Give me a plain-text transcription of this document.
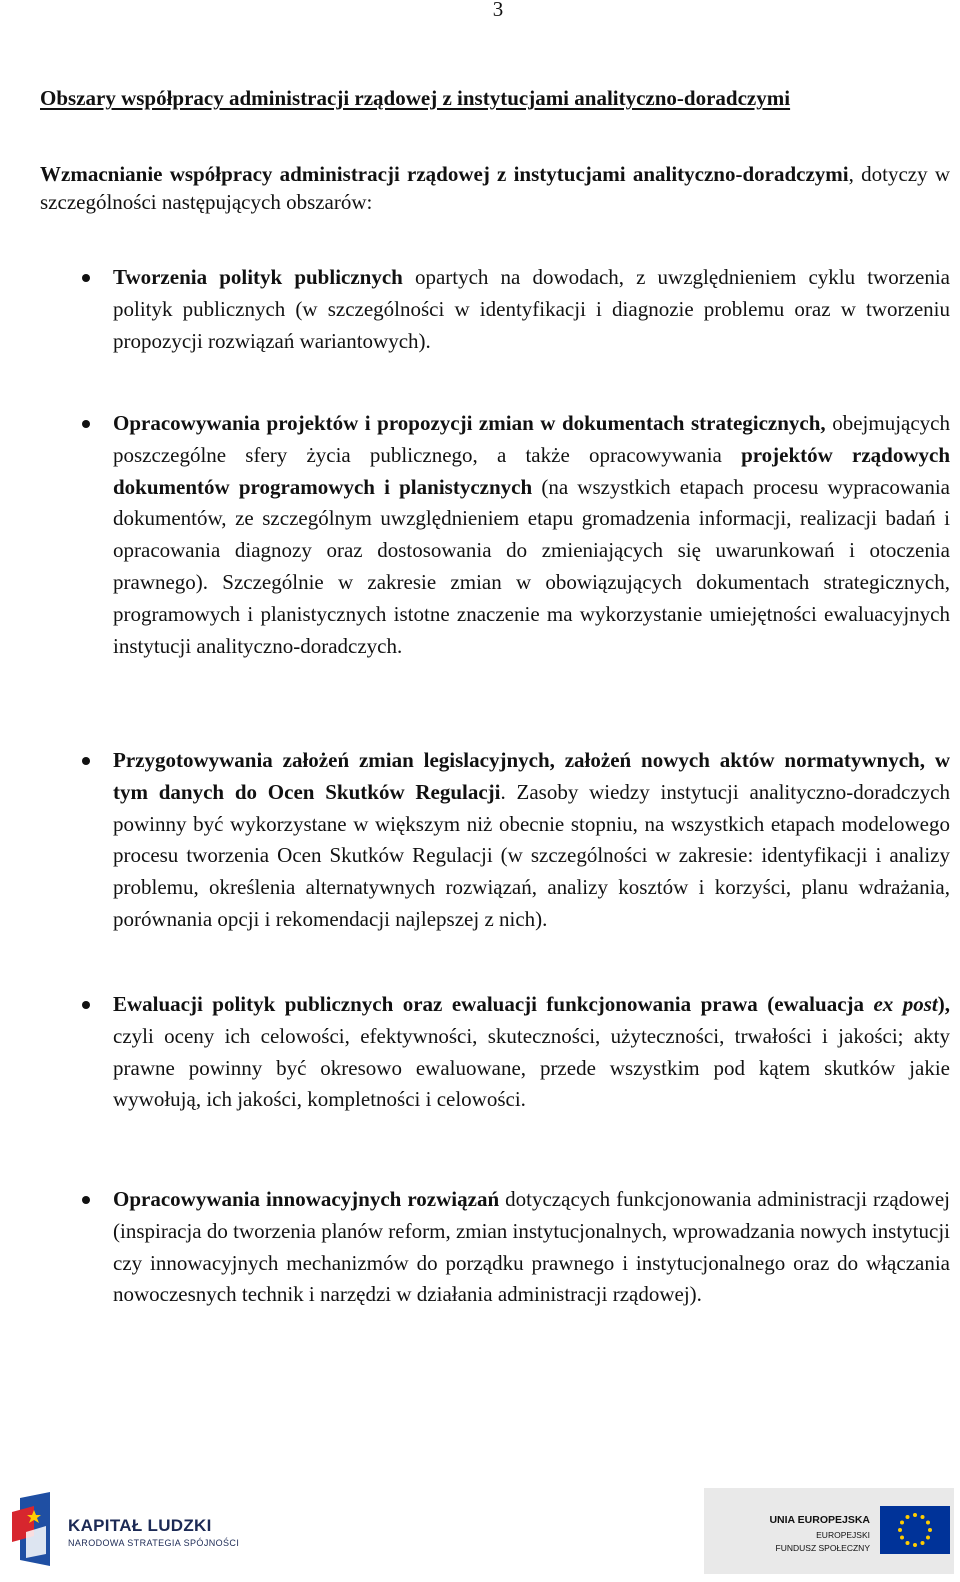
3
Obszary współpracy administracji rządowej z instytucjami analityczno-doradczymi

Wzmacnianie współpracy administracji rządowej z instytucjami analityczno-doradczymi, dotyczy w szczególności następujących obszarów:

Tworzenia polityk publicznych opartych na dowodach, z uwzględnieniem cyklu tworzenia polityk publicznych (w szczególności w identyfikacji i diagnozie problemu oraz w tworzeniu propozycji rozwiązań wariantowych).
Opracowywania projektów i propozycji zmian w dokumentach strategicznych, obejmujących poszczególne sfery życia publicznego, a także opracowywania projektów rządowych dokumentów programowych i planistycznych (na wszystkich etapach procesu wypracowania dokumentów, ze szczególnym uwzględnieniem etapu gromadzenia informacji, realizacji badań i opracowania diagnozy oraz dostosowania do zmieniających się uwarunkowań i otoczenia prawnego). Szczególnie w zakresie zmian w obowiązujących dokumentach strategicznych, programowych i planistycznych istotne znaczenie ma wykorzystanie umiejętności ewaluacyjnych instytucji analityczno-doradczych.
Przygotowywania założeń zmian legislacyjnych, założeń nowych aktów normatywnych, w tym danych do Ocen Skutków Regulacji. Zasoby wiedzy instytucji analityczno-doradczych powinny być wykorzystane w większym niż obecnie stopniu, na wszystkich etapach modelowego procesu tworzenia Ocen Skutków Regulacji (w szczególności w zakresie: identyfikacji i analizy problemu, określenia alternatywnych rozwiązań, analizy kosztów i korzyści, planu wdrażania, porównania opcji i rekomendacji najlepszej z nich).
Ewaluacji polityk publicznych oraz ewaluacji funkcjonowania prawa (ewaluacja ex post), czyli oceny ich celowości, efektywności, skuteczności, użyteczności, trwałości i jakości; akty prawne powinny być okresowo ewaluowane, przede wszystkim pod kątem skutków jakie wywołują, ich jakości, kompletności i celowości.
Opracowywania innowacyjnych rozwiązań dotyczących funkcjonowania administracji rządowej (inspiracja do tworzenia planów reform, zmian instytucjonalnych, wprowadzania nowych instytucji czy innowacyjnych mechanizmów do porządku prawnego i instytucjonalnego oraz do włączania nowoczesnych technik i narzędzi w działania administracji rządowej).
KAPITAŁ LUDZKI
NARODOWA STRATEGIA SPÓJNOŚCI
UNIA EUROPEJSKA
EUROPEJSKI
FUNDUSZ SPOŁECZNY
